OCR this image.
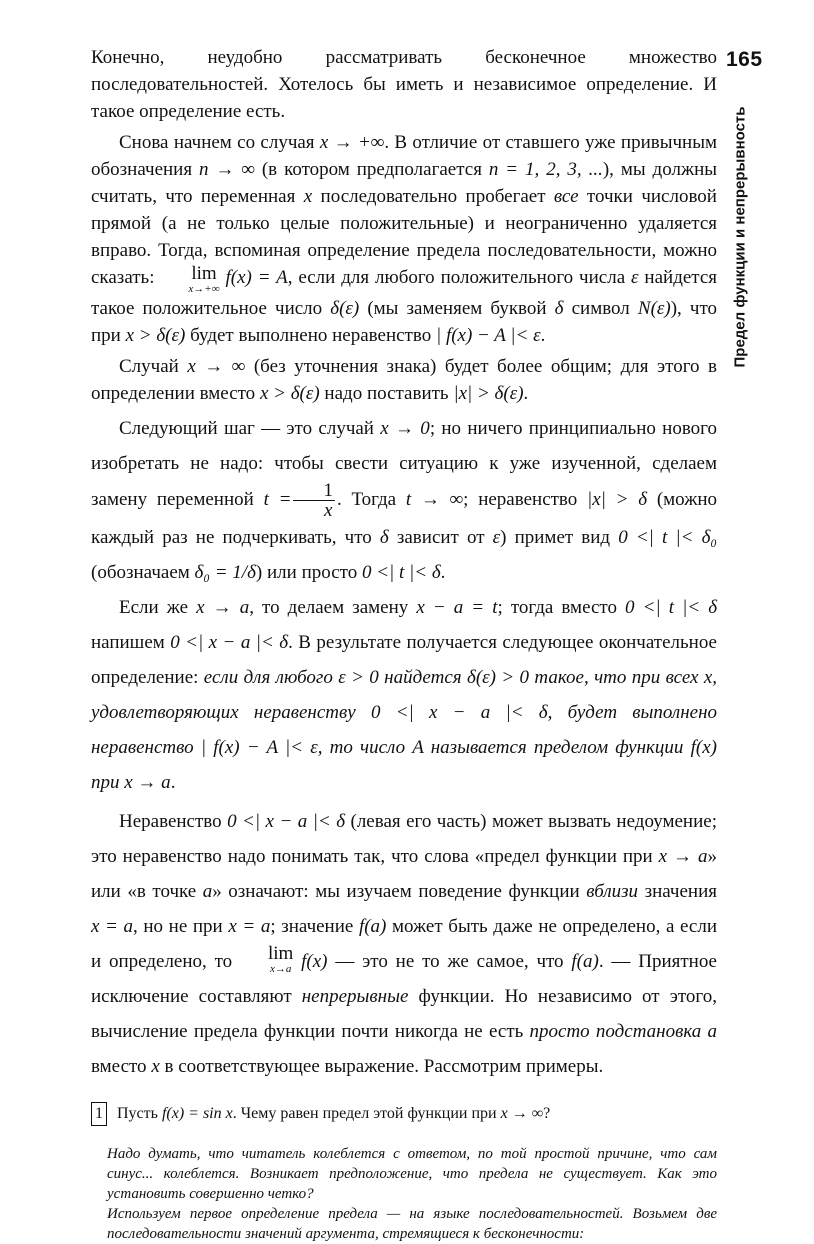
165
Предел функции и непрерывность

Конечно, неудобно рассматривать бесконечное множество последовательностей. Хотелось бы иметь и независимое определение. И такое определение есть.

Снова начнем со случая x → +∞. В отличие от ставшего уже привычным обозначения n → ∞ (в котором предполагается n = 1, 2, 3, ...), мы должны считать, что переменная x последовательно пробегает все точки числовой прямой (а не только целые положительные) и неограниченно удаляется вправо. Тогда, вспоминая определение предела последовательности, можно сказать: lim
x→+∞
f(x) = A, если для любого положительного числа ε найдется такое положительное число δ(ε) (мы заменяем буквой δ символ N(ε)), что при x > δ(ε) будет выполнено неравенство | f(x) − A |< ε.

Случай x → ∞ (без уточнения знака) будет более общим; для этого в определении вместо x > δ(ε) надо поставить |x| > δ(ε).

Следующий шаг — это случай x → 0; но ничего принципиально нового изобретать не надо: чтобы свести ситуацию к уже изученной, сделаем замену переменной $t = \frac{1}{x}$ . Тогда t → ∞; неравенство |x| > δ (можно каждый раз не подчеркивать, что δ зависит от ε) примет вид 0 <| t |< δ₀ (обозначаем δ₀ = 1/δ) или просто 0 <| t |< δ.

Если же x → a, то делаем замену x − a = t; тогда вместо 0 <| t |< δ напишем 0 <| x − a |< δ. В результате получается следующее окончательное определение: если для любого ε > 0 найдется δ(ε) > 0 такое, что при всех x, удовлетворяющих неравенству 0 <| x − a |< δ, будет выполнено неравенство | f(x) − A |< ε, то число A называется пределом функции f(x) при x → a.

Неравенство 0 <| x − a |< δ (левая его часть) может вызвать недоумение; это неравенство надо понимать так, что слова «предел функции при x → a» или «в точке a» означают: мы изучаем поведение функции вблизи значения x = a, но не при x = a; значение f(a) может быть даже не определено, а если и определено, то lim
x→a f(x) — это не то же самое, что f(a). — Приятное исключение составляют непрерывные функции. Но независимо от этого, вычисление предела функции почти никогда не есть просто подстановка a вместо x в соответствующее выражение. Рассмотрим примеры.

1 Пусть f(x) = sin x. Чему равен предел этой функции при x → ∞?

Надо думать, что читатель колеблется с ответом, по той простой причине, что сам синус... колеблется. Возникает предположение, что предела не существует. Как это установить совершенно четко?

Используем первое определение предела — на языке последовательностей. Возьмем две последовательности значений аргумента, стремящиеся к бесконечности:
